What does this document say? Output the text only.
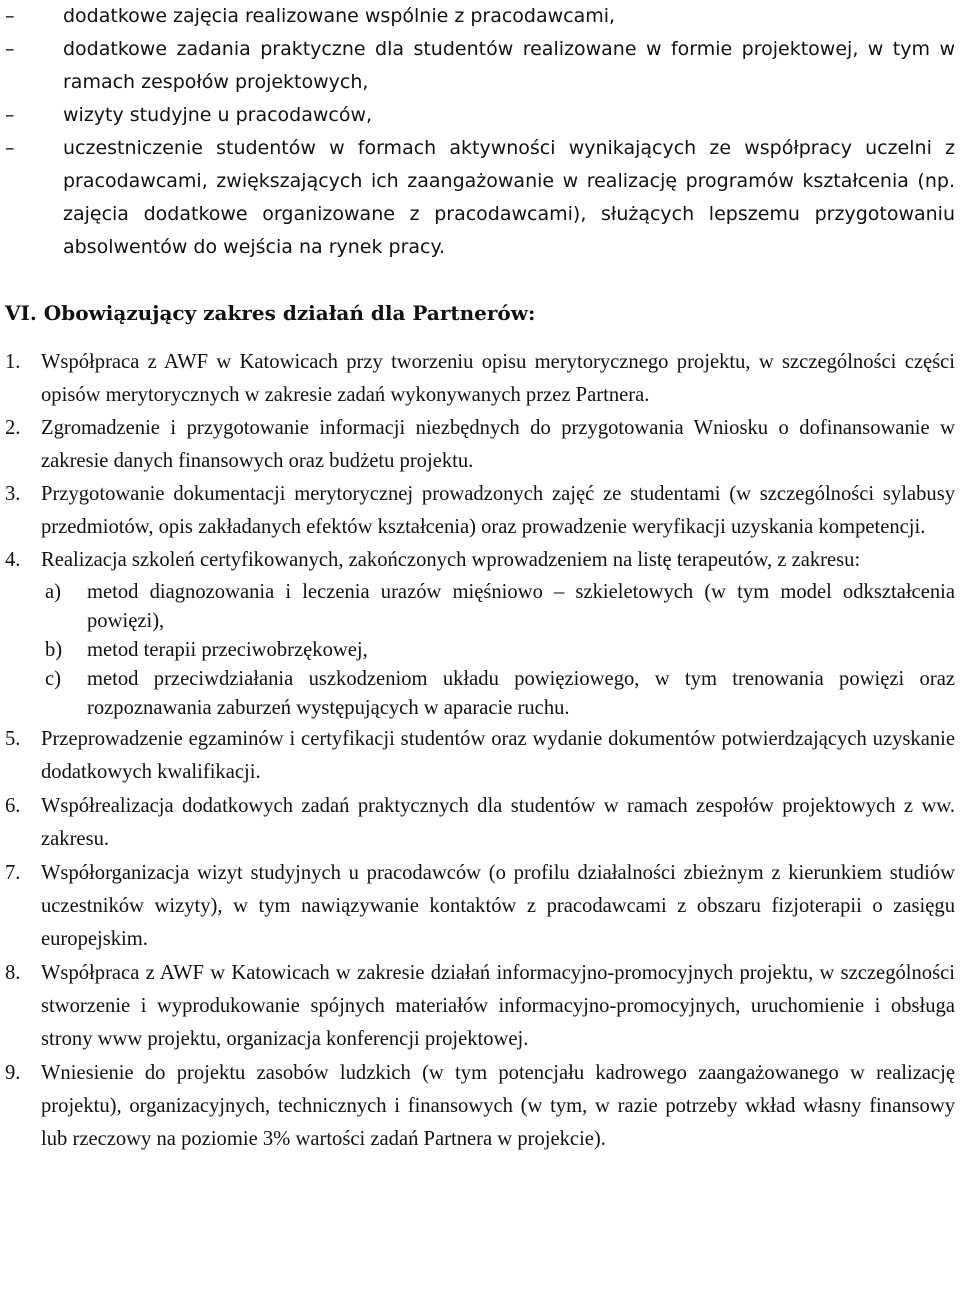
–	dodatkowe zajęcia realizowane wspólnie z pracodawcami,
–	dodatkowe zadania praktyczne dla studentów realizowane w formie projektowej, w tym w ramach zespołów projektowych,
–	wizyty studyjne u pracodawców,
–	uczestniczenie studentów w formach aktywności wynikających ze współpracy uczelni z pracodawcami, zwiększających ich zaangażowanie w realizację programów kształcenia (np. zajęcia dodatkowe organizowane z pracodawcami), służących lepszemu przygotowaniu absolwentów do wejścia na rynek pracy.
VI. Obowiązujący zakres działań dla Partnerów:
1. Współpraca z AWF w Katowicach przy tworzeniu opisu merytorycznego projektu, w szczególności części opisów merytorycznych w zakresie zadań wykonywanych przez Partnera.
2. Zgromadzenie i przygotowanie informacji niezbędnych do przygotowania Wniosku o dofinansowanie w zakresie danych finansowych oraz budżetu projektu.
3. Przygotowanie dokumentacji merytorycznej prowadzonych zajęć ze studentami (w szczególności sylabusy przedmiotów, opis zakładanych efektów kształcenia) oraz prowadzenie weryfikacji uzyskania kompetencji.
4. Realizacja szkoleń certyfikowanych, zakończonych wprowadzeniem na listę terapeutów, z zakresu:
a) metod diagnozowania i leczenia urazów mięśniowo – szkieletowych (w tym model odkształcenia powięzi),
b) metod terapii przeciwobrzękowej,
c) metod przeciwdziałania uszkodzeniom układu powięziowego, w tym trenowania powięzi oraz rozpoznawania zaburzeń występujących w aparacie ruchu.
5. Przeprowadzenie egzaminów i certyfikacji studentów oraz wydanie dokumentów potwierdzających uzyskanie dodatkowych kwalifikacji.
6. Współrealizacja dodatkowych zadań praktycznych dla studentów w ramach zespołów projektowych z ww. zakresu.
7. Współorganizacja wizyt studyjnych u pracodawców (o profilu działalności zbieżnym z kierunkiem studiów uczestników wizyty), w tym nawiązywanie kontaktów z pracodawcami z obszaru fizjoterapii o zasięgu europejskim.
8. Współpraca z AWF w Katowicach w zakresie działań informacyjno-promocyjnych projektu, w szczególności stworzenie i wyprodukowanie spójnych materiałów informacyjno-promocyjnych, uruchomienie i obsługa strony www projektu, organizacja konferencji projektowej.
9. Wniesienie do projektu zasobów ludzkich (w tym potencjału kadrowego zaangażowanego w realizację projektu), organizacyjnych, technicznych i finansowych (w tym, w razie potrzeby wkład własny finansowy lub rzeczowy na poziomie 3% wartości zadań Partnera w projekcie).
